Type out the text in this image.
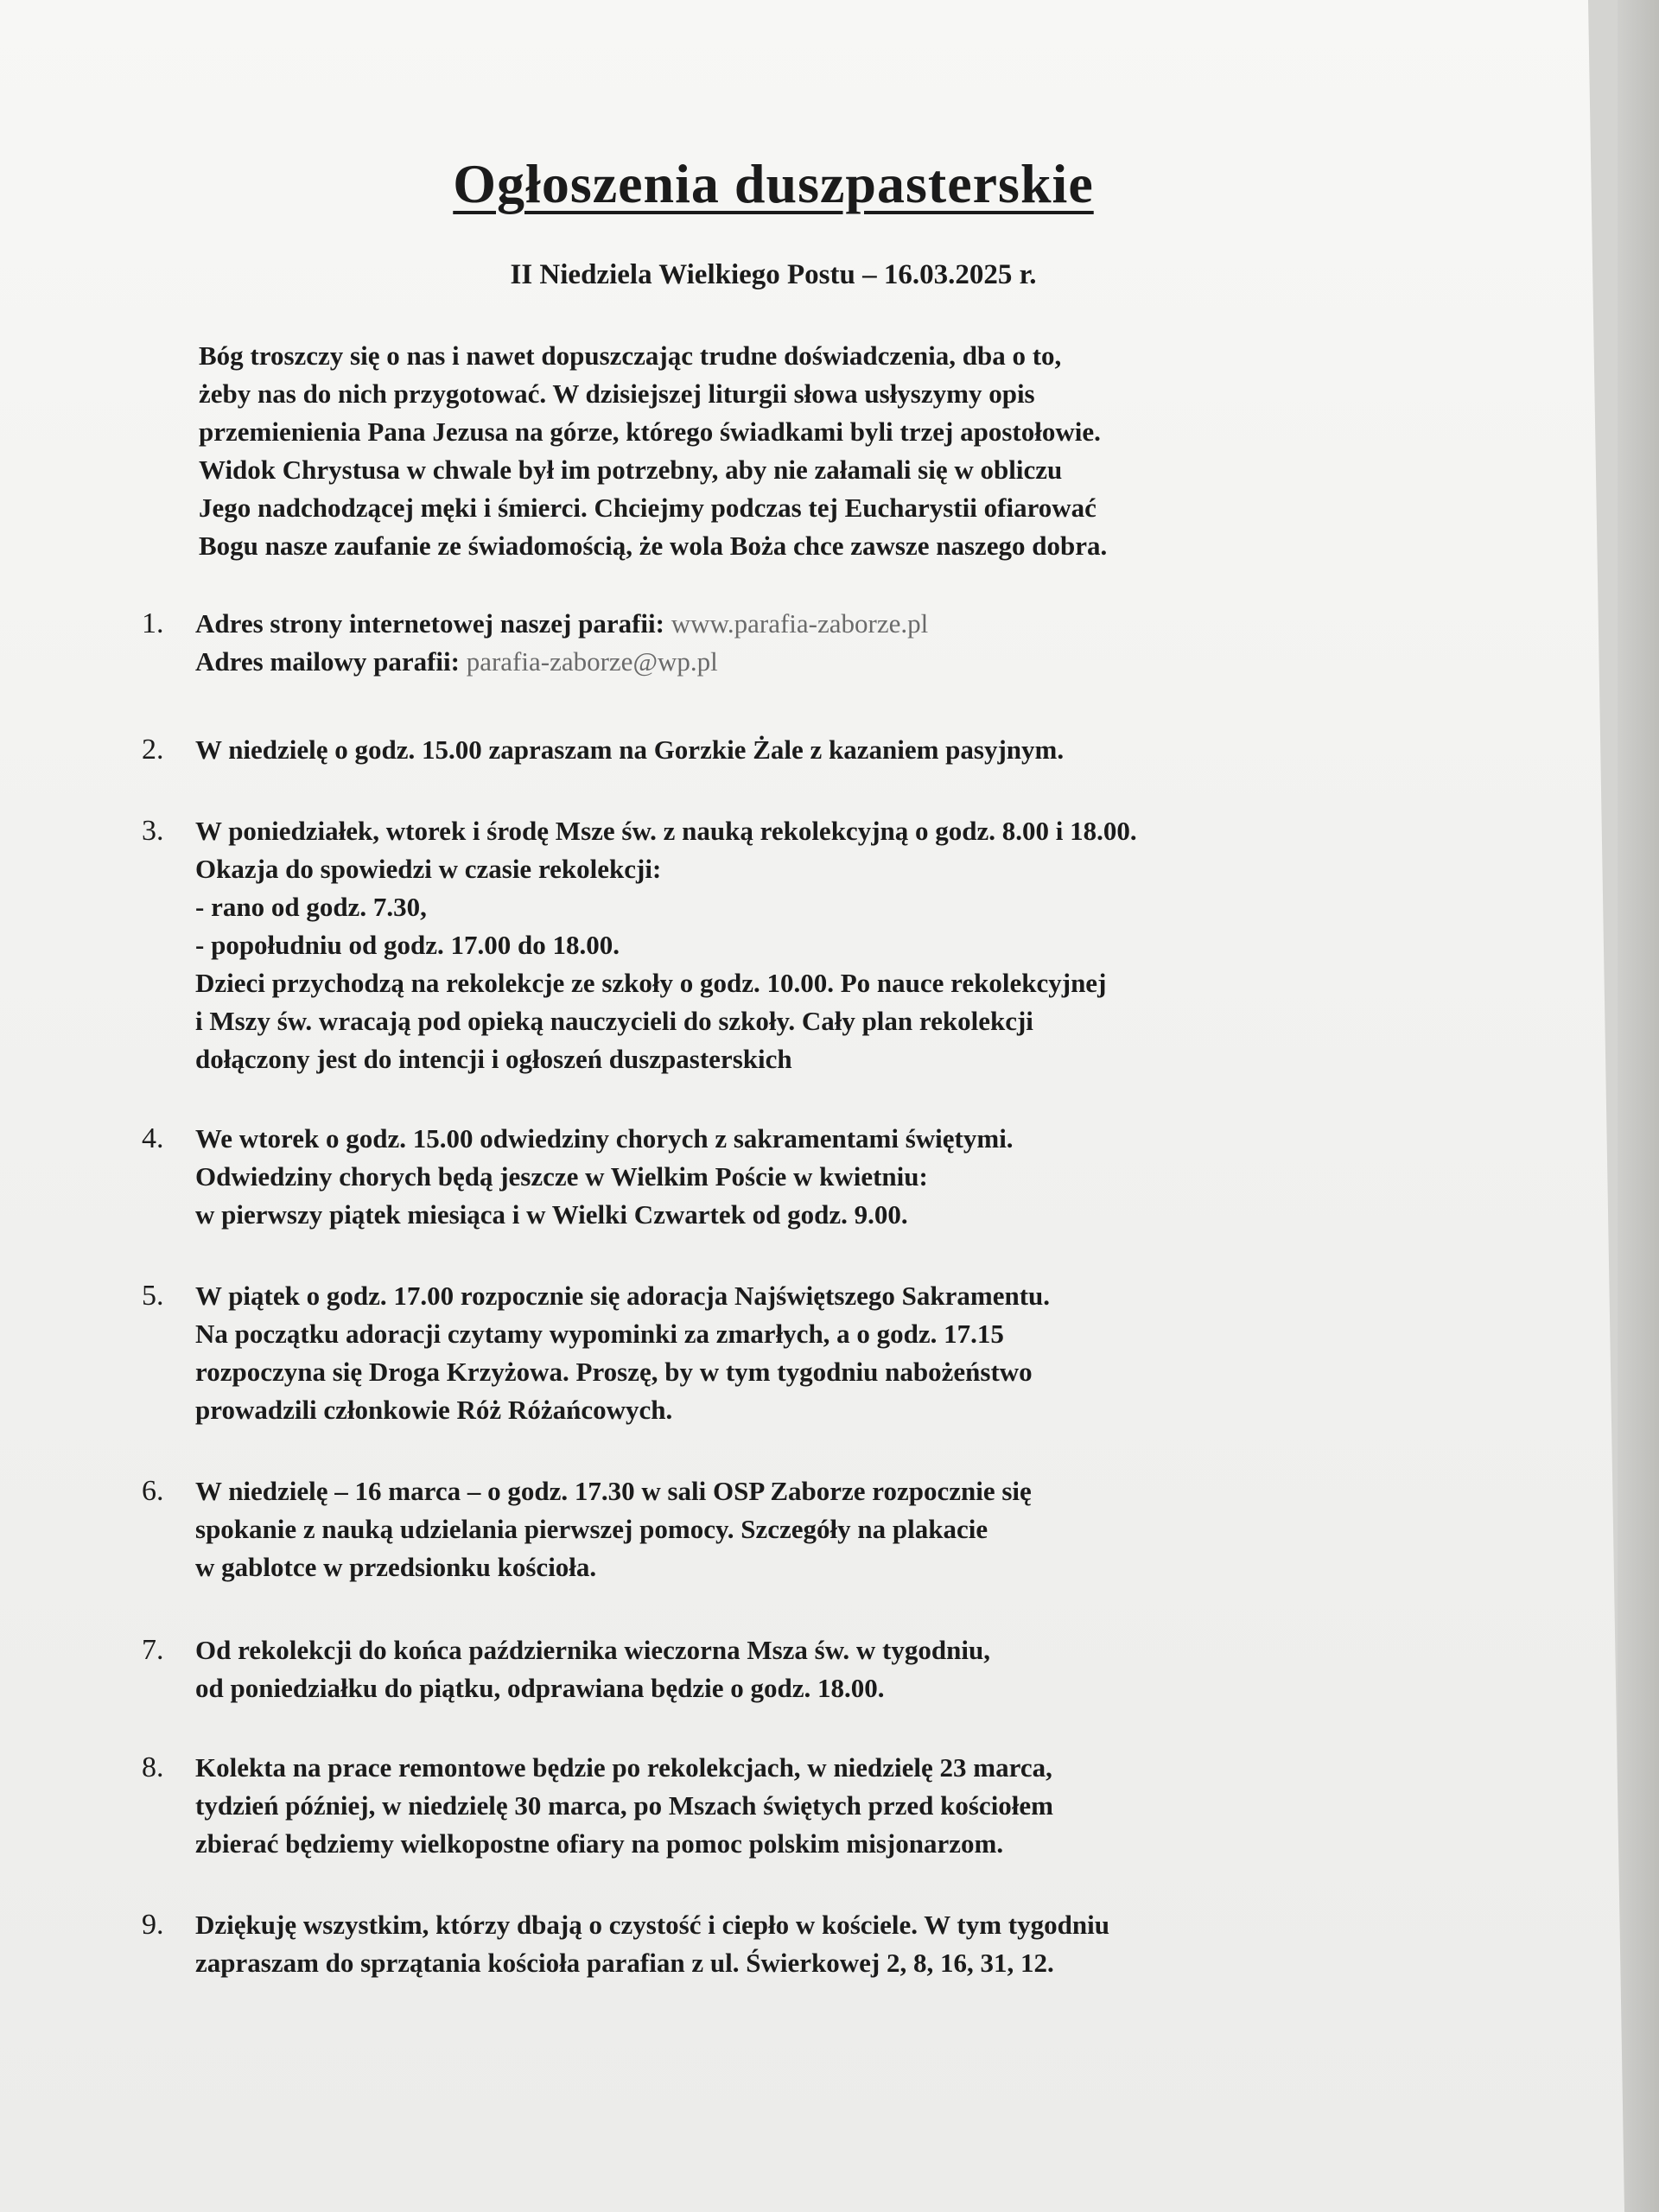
Ogłoszenia duszpasterskie
II Niedziela Wielkiego Postu – 16.03.2025 r.
Bóg troszczy się o nas i nawet dopuszczając trudne doświadczenia, dba o to,
żeby nas do nich przygotować. W dzisiejszej liturgii słowa usłyszymy opis
przemienienia Pana Jezusa na górze, którego świadkami byli trzej apostołowie.
Widok Chrystusa w chwale był im potrzebny, aby nie załamali się w obliczu
Jego nadchodzącej męki i śmierci. Chciejmy podczas tej Eucharystii ofiarować
Bogu nasze zaufanie ze świadomością, że wola Boża chce zawsze naszego dobra.
1.	Adres strony internetowej naszej parafii: www.parafia-zaborze.pl
Adres mailowy parafii: parafia-zaborze@wp.pl
2.	W niedzielę o godz. 15.00 zapraszam na Gorzkie Żale z kazaniem pasyjnym.
3.	W poniedziałek, wtorek i środę Msze św. z nauką rekolekcyjną o godz. 8.00 i 18.00.
Okazja do spowiedzi w czasie rekolekcji:
- rano od godz. 7.30,
- popołudniu od godz. 17.00 do 18.00.
Dzieci przychodzą na rekolekcje ze szkoły o godz. 10.00. Po nauce rekolekcyjnej
i Mszy św. wracają pod opieką nauczycieli do szkoły. Cały plan rekolekcji
dołączony jest do intencji i ogłoszeń duszpasterskich
4.	We wtorek o godz. 15.00 odwiedziny chorych z sakramentami świętymi.
Odwiedziny chorych będą jeszcze w Wielkim Poście w kwietniu:
w pierwszy piątek miesiąca i w Wielki Czwartek od godz. 9.00.
5.	W piątek o godz. 17.00 rozpocznie się adoracja Najświętszego Sakramentu.
Na początku adoracji czytamy wypominki za zmarłych, a o godz. 17.15
rozpoczyna się Droga Krzyżowa. Proszę, by w tym tygodniu nabożeństwo
prowadzili członkowie Róż Różańcowych.
6.	W niedzielę – 16 marca – o godz. 17.30 w sali OSP Zaborze rozpocznie się
spokanie z nauką udzielania pierwszej pomocy. Szczegóły na plakacie
w gablotce w przedsionku kościoła.
7.	Od rekolekcji do końca października wieczorna Msza św. w tygodniu,
od poniedziałku do piątku, odprawiana będzie o godz. 18.00.
8.	Kolekta na prace remontowe będzie po rekolekcjach, w niedzielę 23 marca,
tydzień później, w niedzielę 30 marca, po Mszach świętych przed kościołem
zbierać będziemy wielkopostne ofiary na pomoc polskim misjonarzom.
9.	Dziękuję wszystkim, którzy dbają o czystość i ciepło w kościele. W tym tygodniu
zapraszam do sprzątania kościoła parafian z ul. Świerkowej 2, 8, 16, 31, 12.
